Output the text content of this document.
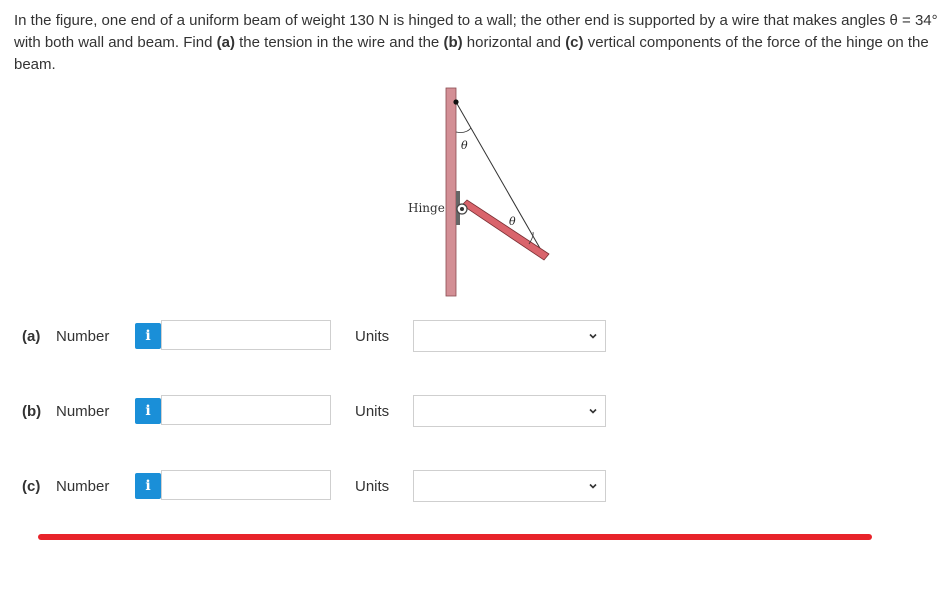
In the figure, one end of a uniform beam of weight 130 N is hinged to a wall; the other end is supported by a wire that makes angles θ = 34° with both wall and beam. Find (a) the tension in the wire and the (b) horizontal and (c) vertical components of the force of the hinge on the beam.
θ
θ
Hinge
(a) Number	i	Units
(b) Number	i	Units
(c) Number	i	Units
